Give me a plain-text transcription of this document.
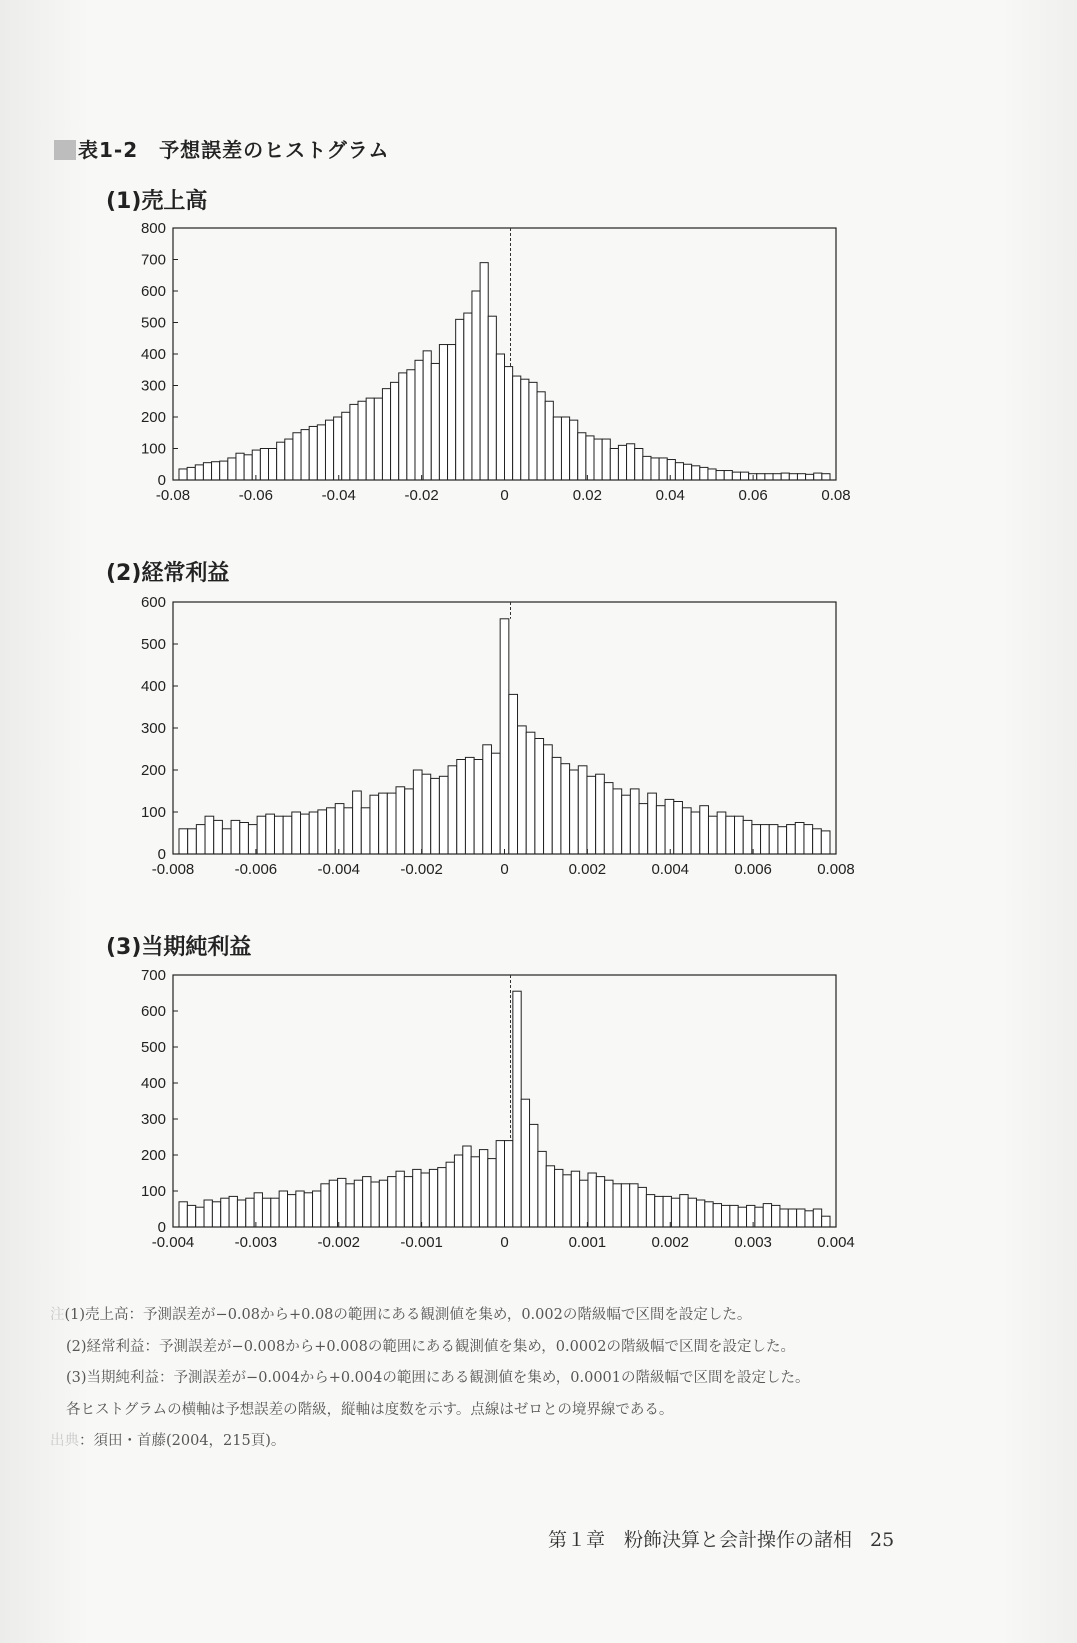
表1-2　予想誤差のヒストグラム
(1)売上高
0
100
200
300
400
500
600
700
800
-0.08	-0.06	-0.04	-0.02	0	0.02	0.04	0.06	0.08
(2)経常利益
0
100
200
300
400
500
600
-0.008	-0.006	-0.004	-0.002	0	0.002	0.004	0.006	0.008
(3)当期純利益
0
100
200
300
400
500
600
700
-0.004	-0.003	-0.002	-0.001	0	0.001	0.002	0.003	0.004
注(1)売上高：予測誤差が−0.08から+0.08の範囲にある観測値を集め，0.002の階級幅で区間を設定した。
(2)経常利益：予測誤差が−0.008から+0.008の範囲にある観測値を集め，0.0002の階級幅で区間を設定した。
(3)当期純利益：予測誤差が−0.004から+0.004の範囲にある観測値を集め，0.0001の階級幅で区間を設定した。
各ヒストグラムの横軸は予想誤差の階級，縦軸は度数を示す。点線はゼロとの境界線である。
出典：須田・首藤(2004，215頁)。
第１章　粉飾決算と会計操作の諸相 25
